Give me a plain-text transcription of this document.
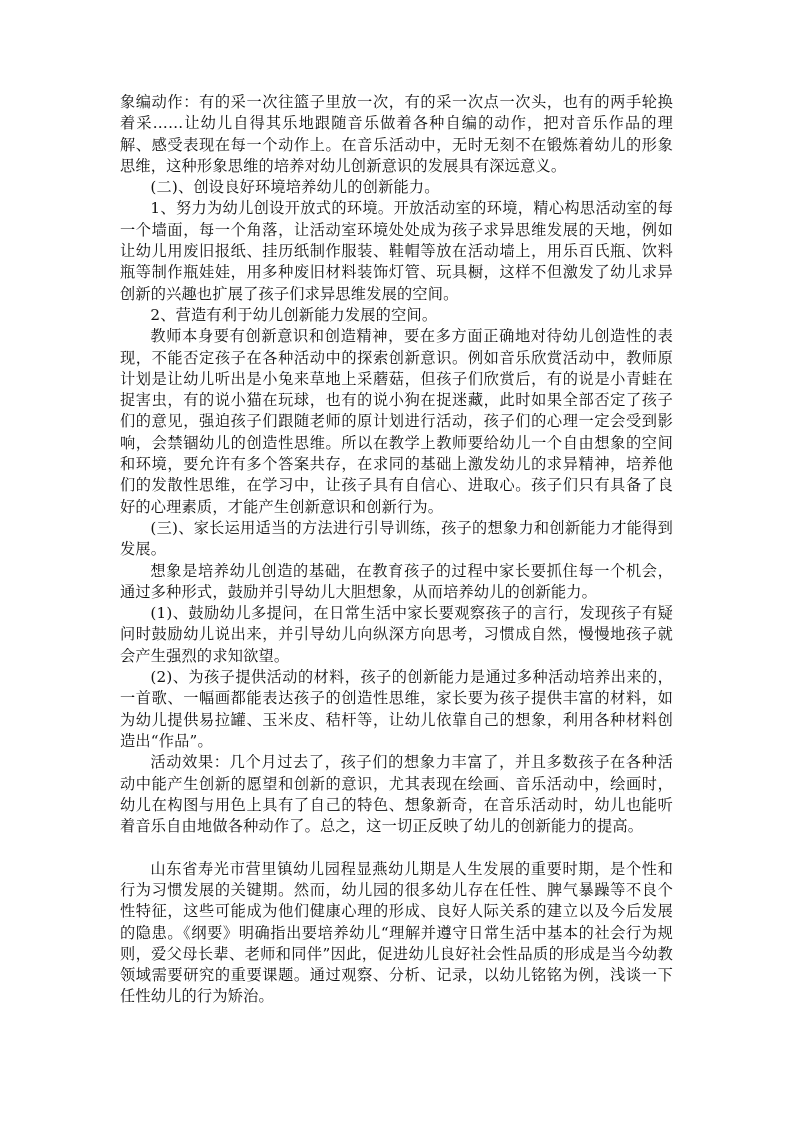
象编动作：有的采一次往篮子里放一次，有的采一次点一次头，也有的两手轮换着采……让幼儿自得其乐地跟随音乐做着各种自编的动作，把对音乐作品的理解、感受表现在每一个动作上。在音乐活动中，无时无刻不在锻炼着幼儿的形象思维，这种形象思维的培养对幼儿创新意识的发展具有深远意义。

(二)、创设良好环境培养幼儿的创新能力。

1、努力为幼儿创设开放式的环境。开放活动室的环境，精心构思活动室的每一个墙面，每一个角落，让活动室环境处处成为孩子求异思维发展的天地，例如让幼儿用废旧报纸、挂历纸制作服装、鞋帽等放在活动墙上，用乐百氏瓶、饮料瓶等制作瓶娃娃，用多种废旧材料装饰灯管、玩具橱，这样不但激发了幼儿求异创新的兴趣也扩展了孩子们求异思维发展的空间。

2、营造有利于幼儿创新能力发展的空间。

教师本身要有创新意识和创造精神，要在多方面正确地对待幼儿创造性的表现，不能否定孩子在各种活动中的探索创新意识。例如音乐欣赏活动中，教师原计划是让幼儿听出是小兔来草地上采蘑菇，但孩子们欣赏后，有的说是小青蛙在捉害虫，有的说小猫在玩球，也有的说小狗在捉迷藏，此时如果全部否定了孩子们的意见，强迫孩子们跟随老师的原计划进行活动，孩子们的心理一定会受到影响，会禁锢幼儿的创造性思维。所以在教学上教师要给幼儿一个自由想象的空间和环境，要允许有多个答案共存，在求同的基础上激发幼儿的求异精神，培养他们的发散性思维，在学习中，让孩子具有自信心、进取心。孩子们只有具备了良好的心理素质，才能产生创新意识和创新行为。

(三)、家长运用适当的方法进行引导训练，孩子的想象力和创新能力才能得到发展。

想象是培养幼儿创造的基础，在教育孩子的过程中家长要抓住每一个机会，通过多种形式，鼓励并引导幼儿大胆想象，从而培养幼儿的创新能力。

(1)、鼓励幼儿多提问，在日常生活中家长要观察孩子的言行，发现孩子有疑问时鼓励幼儿说出来，并引导幼儿向纵深方向思考，习惯成自然，慢慢地孩子就会产生强烈的求知欲望。

(2)、为孩子提供活动的材料，孩子的创新能力是通过多种活动培养出来的，一首歌、一幅画都能表达孩子的创造性思维，家长要为孩子提供丰富的材料，如为幼儿提供易拉罐、玉米皮、秸杆等，让幼儿依靠自己的想象，利用各种材料创造出“作品”。

活动效果：几个月过去了，孩子们的想象力丰富了，并且多数孩子在各种活动中能产生创新的愿望和创新的意识，尤其表现在绘画、音乐活动中，绘画时，幼儿在构图与用色上具有了自己的特色、想象新奇，在音乐活动时，幼儿也能听着音乐自由地做各种动作了。总之，这一切正反映了幼儿的创新能力的提高。

山东省寿光市营里镇幼儿园程显燕幼儿期是人生发展的重要时期，是个性和行为习惯发展的关键期。然而，幼儿园的很多幼儿存在任性、脾气暴躁等不良个性特征，这些可能成为他们健康心理的形成、良好人际关系的建立以及今后发展的隐患。《纲要》明确指出要培养幼儿“理解并遵守日常生活中基本的社会行为规则，爱父母长辈、老师和同伴”因此，促进幼儿良好社会性品质的形成是当今幼教领域需要研究的重要课题。通过观察、分析、记录，以幼儿铭铭为例，浅谈一下任性幼儿的行为矫治。
